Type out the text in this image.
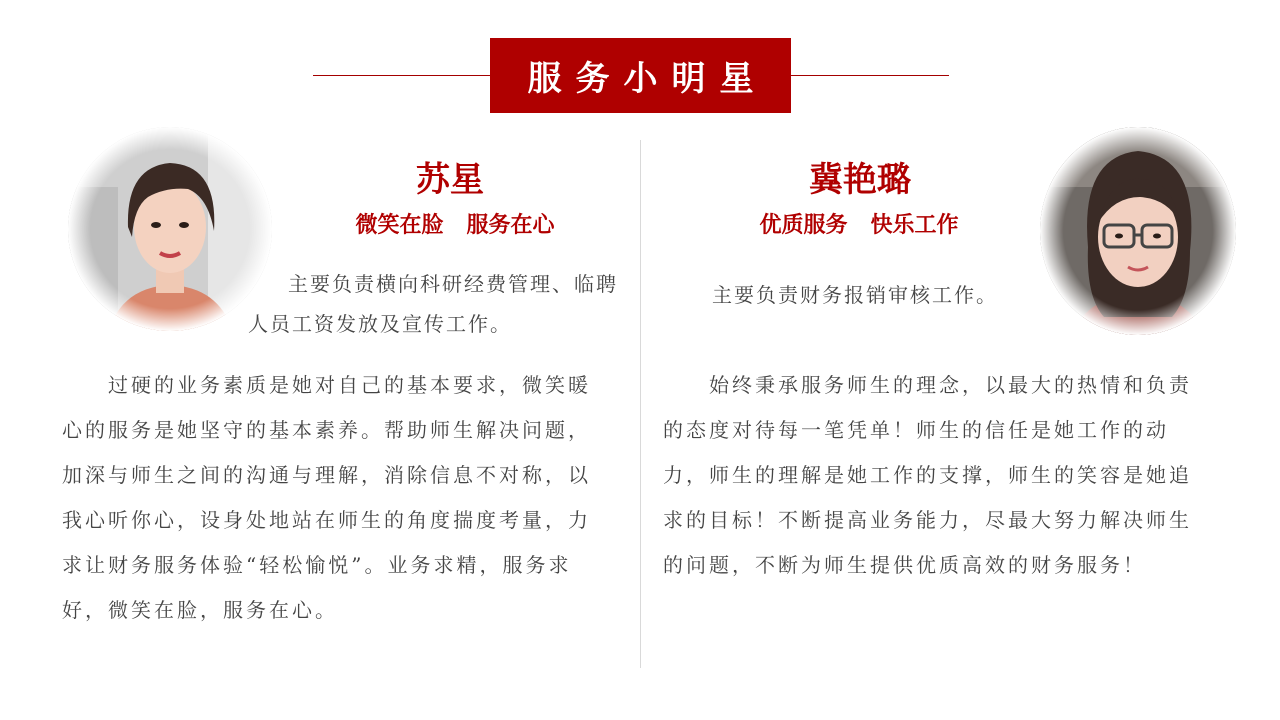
服务小明星
苏星
微笑在脸   服务在心
主要负责横向科研经费管理、临聘人员工资发放及宣传工作。
过硬的业务素质是她对自己的基本要求，微笑暖心的服务是她坚守的基本素养。帮助师生解决问题，加深与师生之间的沟通与理解，消除信息不对称，以我心听你心，设身处地站在师生的角度揣度考量，力求让财务服务体验“轻松愉悦”。业务求精，服务求好，微笑在脸，服务在心。
冀艳璐
优质服务   快乐工作
主要负责财务报销审核工作。
始终秉承服务师生的理念，以最大的热情和负责的态度对待每一笔凭单！师生的信任是她工作的动力，师生的理解是她工作的支撑，师生的笑容是她追求的目标！不断提高业务能力，尽最大努力解决师生的问题，不断为师生提供优质高效的财务服务！
